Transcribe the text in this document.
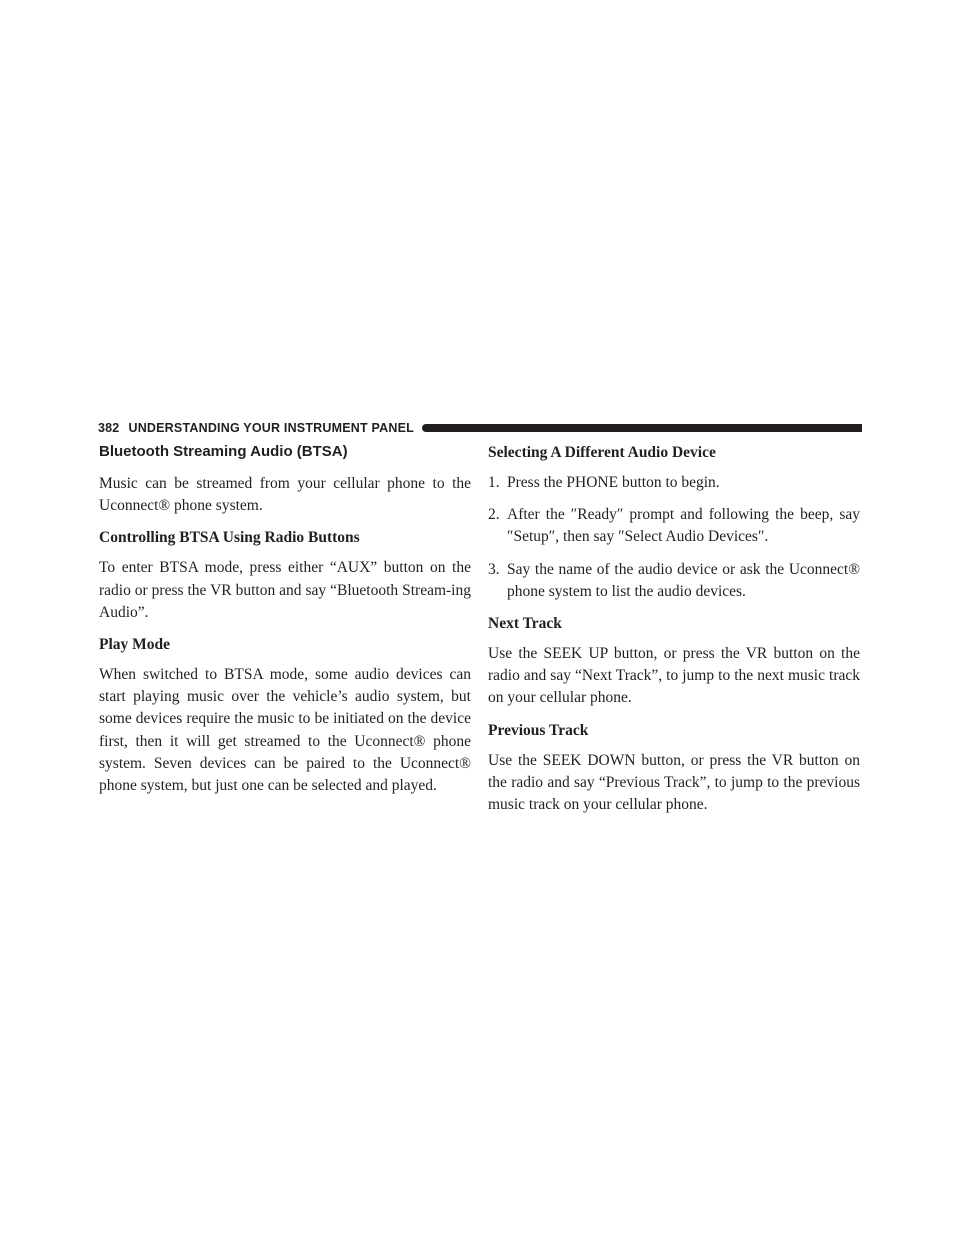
382 UNDERSTANDING YOUR INSTRUMENT PANEL
Bluetooth Streaming Audio (BTSA)

Music can be streamed from your cellular phone to the Uconnect® phone system.

Controlling BTSA Using Radio Buttons

To enter BTSA mode, press either “AUX” button on the radio or press the VR button and say “Bluetooth Stream-ing Audio”.

Play Mode

When switched to BTSA mode, some audio devices can start playing music over the vehicle’s audio system, but some devices require the music to be initiated on the device first, then it will get streamed to the Uconnect® phone system. Seven devices can be paired to the Uconnect® phone system, but just one can be selected and played.

Selecting A Different Audio Device
1. Press the PHONE button to begin.
2. After the ″Ready″ prompt and following the beep, say ″Setup″, then say ″Select Audio Devices″.
3. Say the name of the audio device or ask the Uconnect® phone system to list the audio devices.
Next Track

Use the SEEK UP button, or press the VR button on the radio and say “Next Track”, to jump to the next music track on your cellular phone.

Previous Track

Use the SEEK DOWN button, or press the VR button on the radio and say “Previous Track”, to jump to the previous music track on your cellular phone.
